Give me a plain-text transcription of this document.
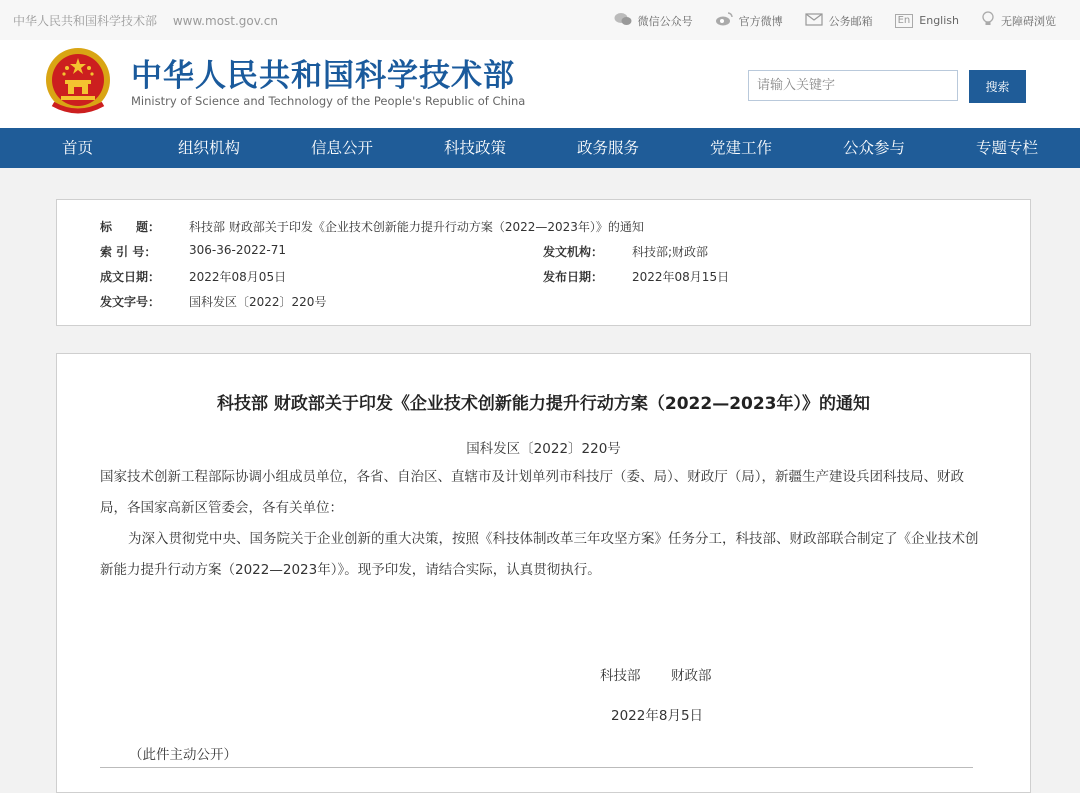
中华人民共和国科学技术部 www.most.gov.cn	微信公众号	官方微博	公务邮箱	En English	无障碍浏览
中华人民共和国科学技术部
Ministry of Science and Technology of the People's Republic of China
请输入关键字
搜索
首页	组织机构	信息公开	科技政策	政务服务	党建工作	公众参与	专题专栏
标　　题： 科技部 财政部关于印发《企业技术创新能力提升行动方案（2022—2023年）》的通知
索 引 号：	306-36-2022-71	发文机构： 科技部;财政部
成文日期： 2022年08月05日	发布日期： 2022年08月15日
发文字号： 国科发区〔2022〕220号
科技部 财政部关于印发《企业技术创新能力提升行动方案（2022—2023年）》的通知
国科发区〔2022〕220号

国家技术创新工程部际协调小组成员单位，各省、自治区、直辖市及计划单列市科技厅（委、局）、财政厅（局），新疆生产建设兵团科技局、财政局，各国家高新区管委会，各有关单位：

为深入贯彻党中央、国务院关于企业创新的重大决策，按照《科技体制改革三年攻坚方案》任务分工，科技部、财政部联合制定了《企业技术创新能力提升行动方案（2022—2023年）》。现予印发，请结合实际，认真贯彻执行。

科技部 财政部
2022年8月5日
（此件主动公开）
